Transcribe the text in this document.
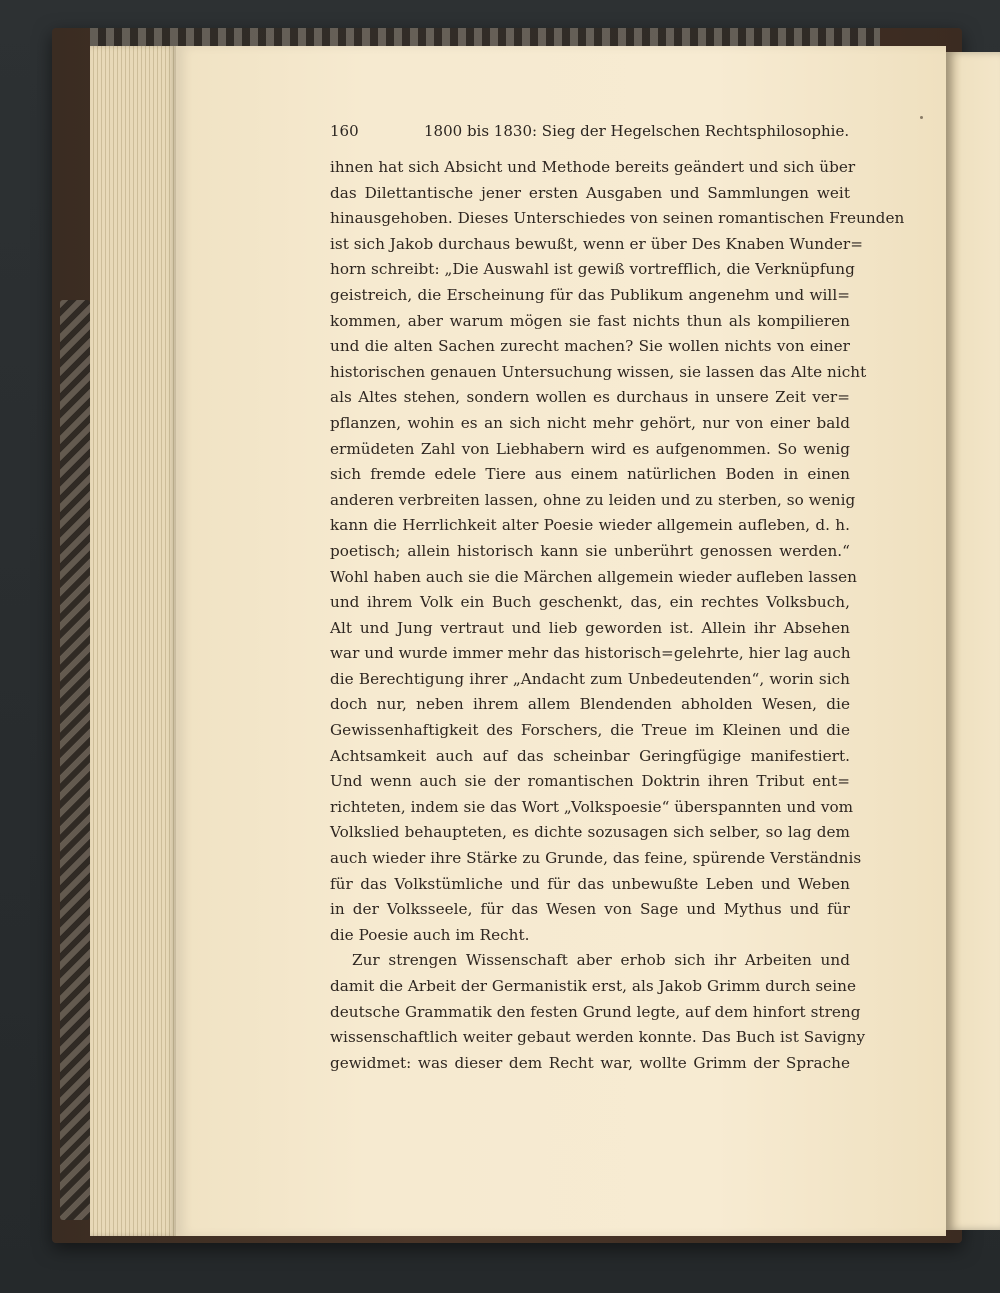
160	1800 bis 1830: Sieg der Hegelschen Rechtsphilosophie.
ihnen hat sich Absicht und Methode bereits geändert und sich über
das Dilettantische jener ersten Ausgaben und Sammlungen weit
hinausgehoben. Dieses Unterschiedes von seinen romantischen Freunden
ist sich Jakob durchaus bewußt, wenn er über Des Knaben Wunder=
horn schreibt: „Die Auswahl ist gewiß vortrefflich, die Verknüpfung
geistreich, die Erscheinung für das Publikum angenehm und will=
kommen, aber warum mögen sie fast nichts thun als kompilieren
und die alten Sachen zurecht machen? Sie wollen nichts von einer
historischen genauen Untersuchung wissen, sie lassen das Alte nicht
als Altes stehen, sondern wollen es durchaus in unsere Zeit ver=
pflanzen, wohin es an sich nicht mehr gehört, nur von einer bald
ermüdeten Zahl von Liebhabern wird es aufgenommen. So wenig
sich fremde edele Tiere aus einem natürlichen Boden in einen
anderen verbreiten lassen, ohne zu leiden und zu sterben, so wenig
kann die Herrlichkeit alter Poesie wieder allgemein aufleben, d. h.
poetisch; allein historisch kann sie unberührt genossen werden.“
Wohl haben auch sie die Märchen allgemein wieder aufleben lassen
und ihrem Volk ein Buch geschenkt, das, ein rechtes Volksbuch,
Alt und Jung vertraut und lieb geworden ist. Allein ihr Absehen
war und wurde immer mehr das historisch=gelehrte, hier lag auch
die Berechtigung ihrer „Andacht zum Unbedeutenden“, worin sich
doch nur, neben ihrem allem Blendenden abholden Wesen, die
Gewissenhaftigkeit des Forschers, die Treue im Kleinen und die
Achtsamkeit auch auf das scheinbar Geringfügige manifestiert.
Und wenn auch sie der romantischen Doktrin ihren Tribut ent=
richteten, indem sie das Wort „Volkspoesie“ überspannten und vom
Volkslied behaupteten, es dichte sozusagen sich selber, so lag dem
auch wieder ihre Stärke zu Grunde, das feine, spürende Verständnis
für das Volkstümliche und für das unbewußte Leben und Weben
in der Volksseele, für das Wesen von Sage und Mythus und für
die Poesie auch im Recht.
Zur strengen Wissenschaft aber erhob sich ihr Arbeiten und
damit die Arbeit der Germanistik erst, als Jakob Grimm durch seine
deutsche Grammatik den festen Grund legte, auf dem hinfort streng
wissenschaftlich weiter gebaut werden konnte. Das Buch ist Savigny
gewidmet: was dieser dem Recht war, wollte Grimm der Sprache
